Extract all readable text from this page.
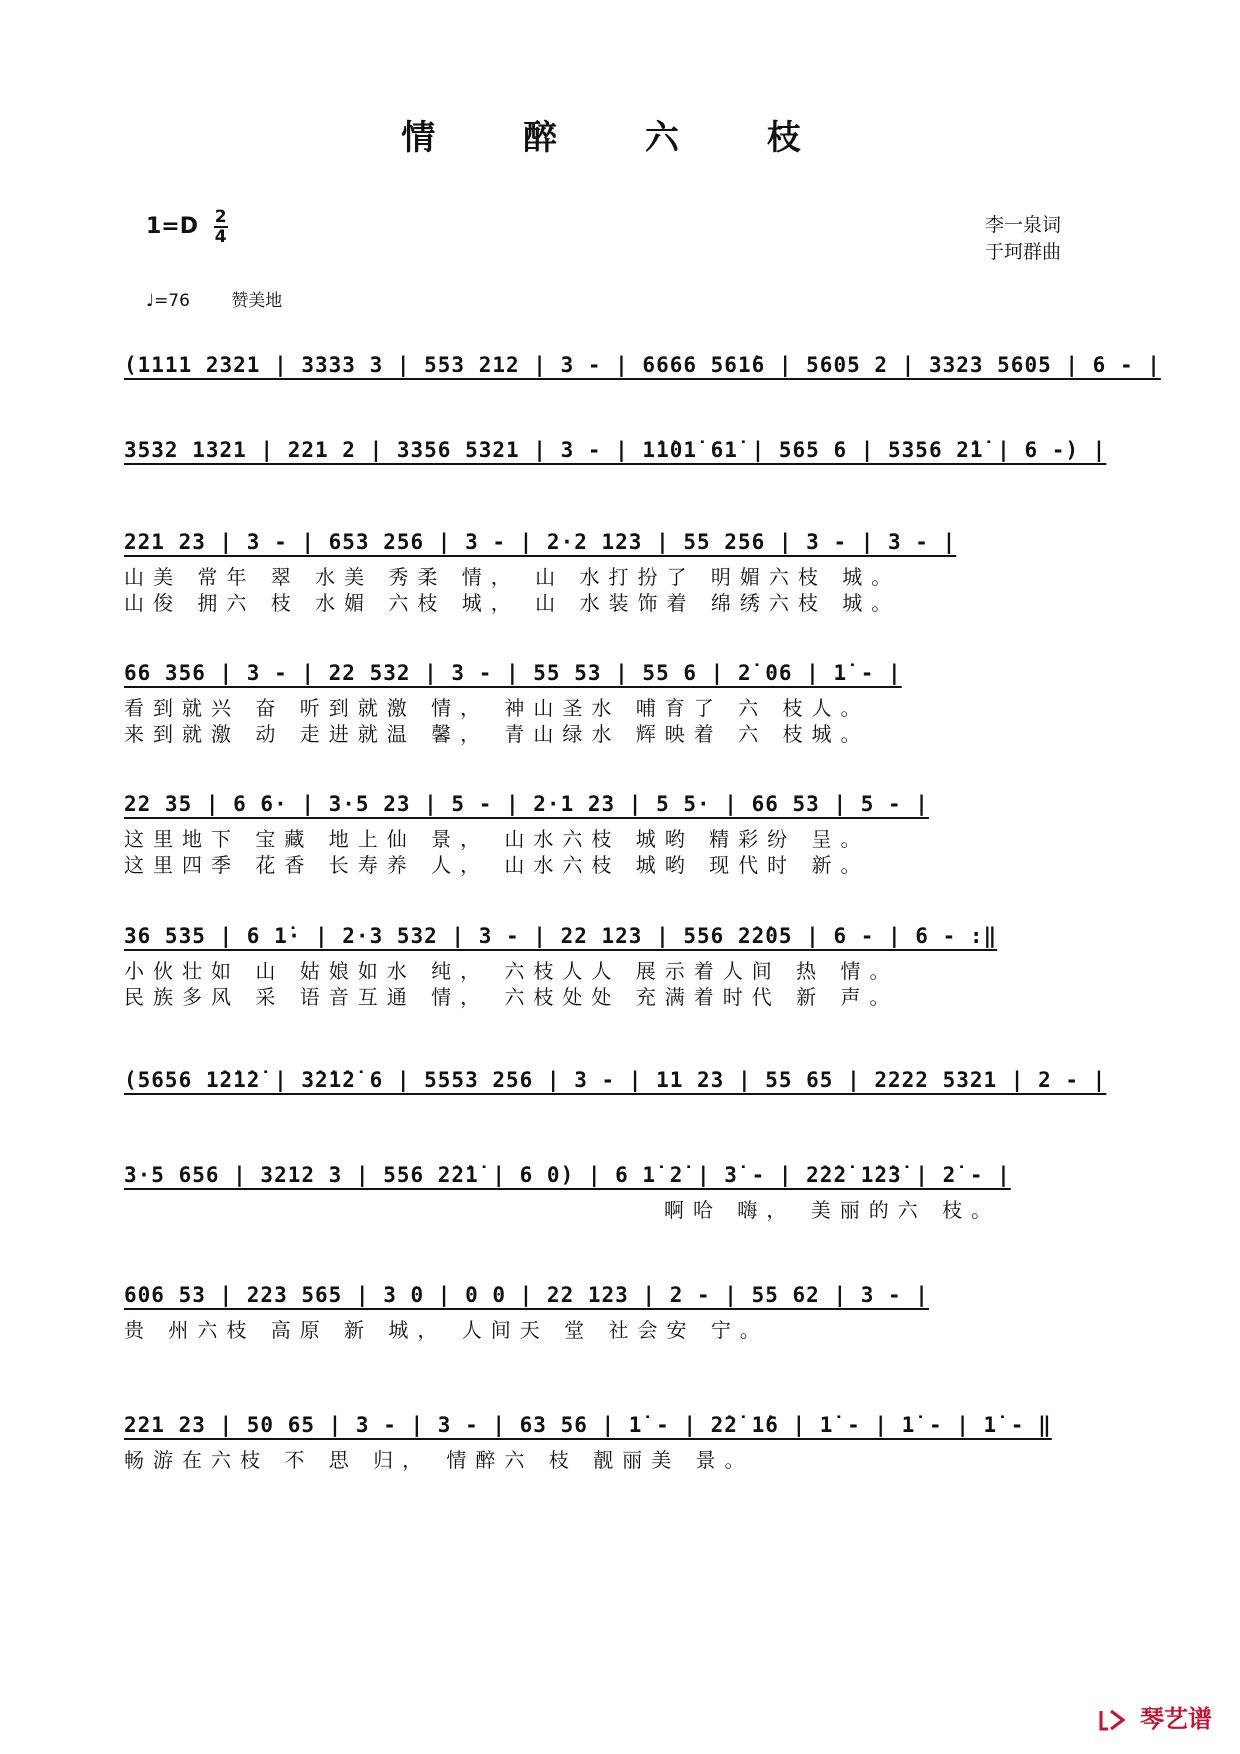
情 醉 六 枝
$1=D \frac{2}{4}$	李一泉词
于珂群曲
♩=76 赞美地
(1111 2321 | 3333 3 | 553 212 | 3 - | 6666 561̇6 | 5605 2 | 3323 5605 | 6 - |
3532 1321 | 221 2 | 3356 5321 | 3 - | 1̇1̇01̇ 61̇ | 565 6 | 5356 2̇1̇ | 6 -) |
221 23 | 3 - | 653 256 | 3 - | 2·2 123 | 55 256 | 3 - | 3 - |
山美 常年 翠 水美 秀柔 情， 山 水打扮了 明媚六枝 城。
山俊 拥六 枝 水媚 六枝 城， 山 水装饰着 绵绣六枝 城。
66 356 | 3 - | 22 532 | 3 - | 55 53 | 55 6 | 2̇ 06 | 1̇ - |
看到就兴 奋 听到就激 情， 神山圣水 哺育了 六 枝人。
来到就激 动 走进就温 馨， 青山绿水 辉映着 六 枝城。
22 35 | 6 6· | 3·5 23 | 5 - | 2·1 23 | 5 5· | 66 53 | 5 - |
这里地下 宝藏 地上仙 景， 山水六枝 城哟 精彩纷 呈。
这里四季 花香 长寿养 人， 山水六枝 城哟 现代时 新。
36 535 | 6 1̇· | 2·3 532 | 3 - | 22 123 | 556 2̇2̇05 | 6 - | 6 - :‖
小伙壮如 山 姑娘如水 纯， 六枝人人 展示着人间 热 情。
民族多风 采 语音互通 情， 六枝处处 充满着时代 新 声。
(5656 1̇2̇1̇2̇ | 3̇2̇1̇2̇ 6 | 5553 256 | 3 - | 11 23 | 55 65 | 2222 5321 | 2 - |
3·5 656 | 3212 3 | 556 2̇2̇1̇ | 6 0) | 6 1̇ 2̇ | 3̇ - | 2̇2̇2̇ 1̇2̇3̇ | 2̇ - |
啊哈 嗨， 美丽的六 枝。
606 53 | 223 565 | 3 0 | 0 0 | 22 123 | 2 - | 55 62 | 3 - |
贵 州六枝 高原 新 城， 人间天 堂 社会安 宁。
221 23 | 50 65 | 3 - | 3 - | 63 56 | 1̇ - | 2̇2̇ 1̇6 | 1̇ - | 1̇ - | 1̇ - ‖
畅游在六枝 不 思 归， 情醉六 枝 靓丽美 景。
琴艺谱
